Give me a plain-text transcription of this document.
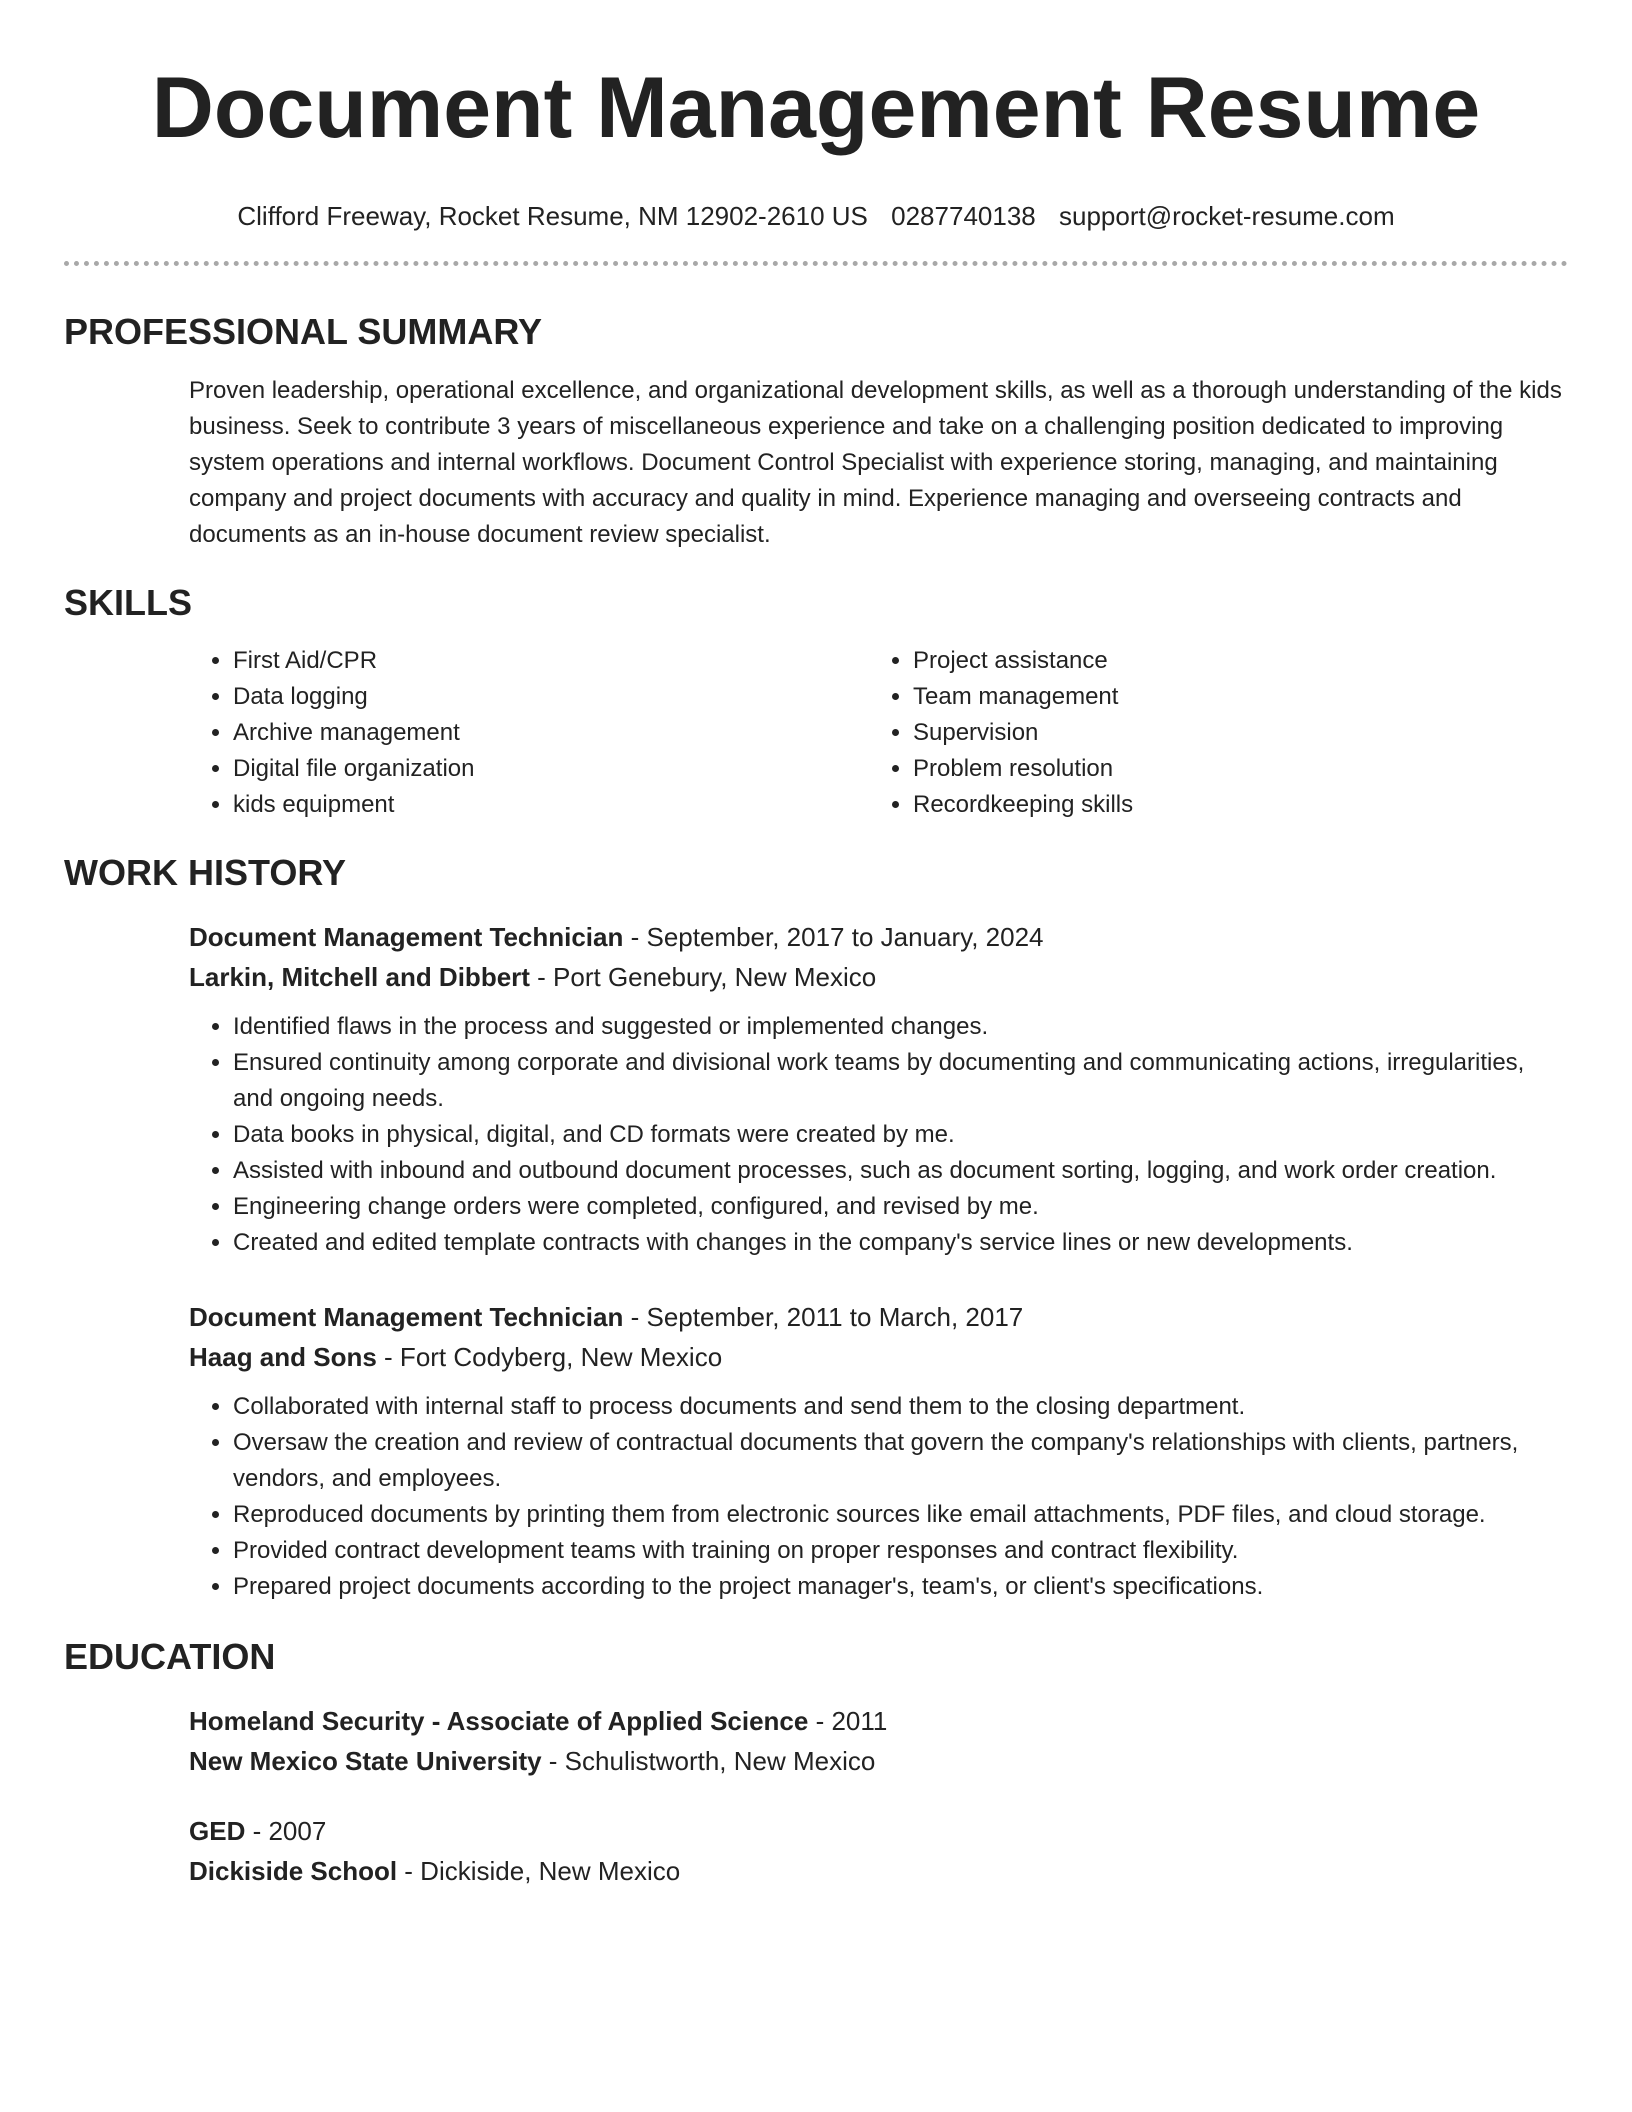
Document Management Resume
Clifford Freeway, Rocket Resume, NM 12902-2610 US 0287740138 support@rocket-resume.com
PROFESSIONAL SUMMARY
Proven leadership, operational excellence, and organizational development skills, as well as a thorough understanding of the kids business. Seek to contribute 3 years of miscellaneous experience and take on a challenging position dedicated to improving system operations and internal workflows. Document Control Specialist with experience storing, managing, and maintaining company and project documents with accuracy and quality in mind. Experience managing and overseeing contracts and documents as an in-house document review specialist.
SKILLS
• First Aid/CPR
• Data logging
• Archive management
• Digital file organization
• kids equipment
• Project assistance
• Team management
• Supervision
• Problem resolution
• Recordkeeping skills
WORK HISTORY
Document Management Technician - September, 2017 to January, 2024
Larkin, Mitchell and Dibbert - Port Genebury, New Mexico
• Identified flaws in the process and suggested or implemented changes.
• Ensured continuity among corporate and divisional work teams by documenting and communicating actions, irregularities, and ongoing needs.
• Data books in physical, digital, and CD formats were created by me.
• Assisted with inbound and outbound document processes, such as document sorting, logging, and work order creation.
• Engineering change orders were completed, configured, and revised by me.
• Created and edited template contracts with changes in the company's service lines or new developments.
Document Management Technician - September, 2011 to March, 2017
Haag and Sons - Fort Codyberg, New Mexico
• Collaborated with internal staff to process documents and send them to the closing department.
• Oversaw the creation and review of contractual documents that govern the company's relationships with clients, partners, vendors, and employees.
• Reproduced documents by printing them from electronic sources like email attachments, PDF files, and cloud storage.
• Provided contract development teams with training on proper responses and contract flexibility.
• Prepared project documents according to the project manager's, team's, or client's specifications.
EDUCATION
Homeland Security - Associate of Applied Science - 2011
New Mexico State University - Schulistworth, New Mexico
GED - 2007
Dickiside School - Dickiside, New Mexico
